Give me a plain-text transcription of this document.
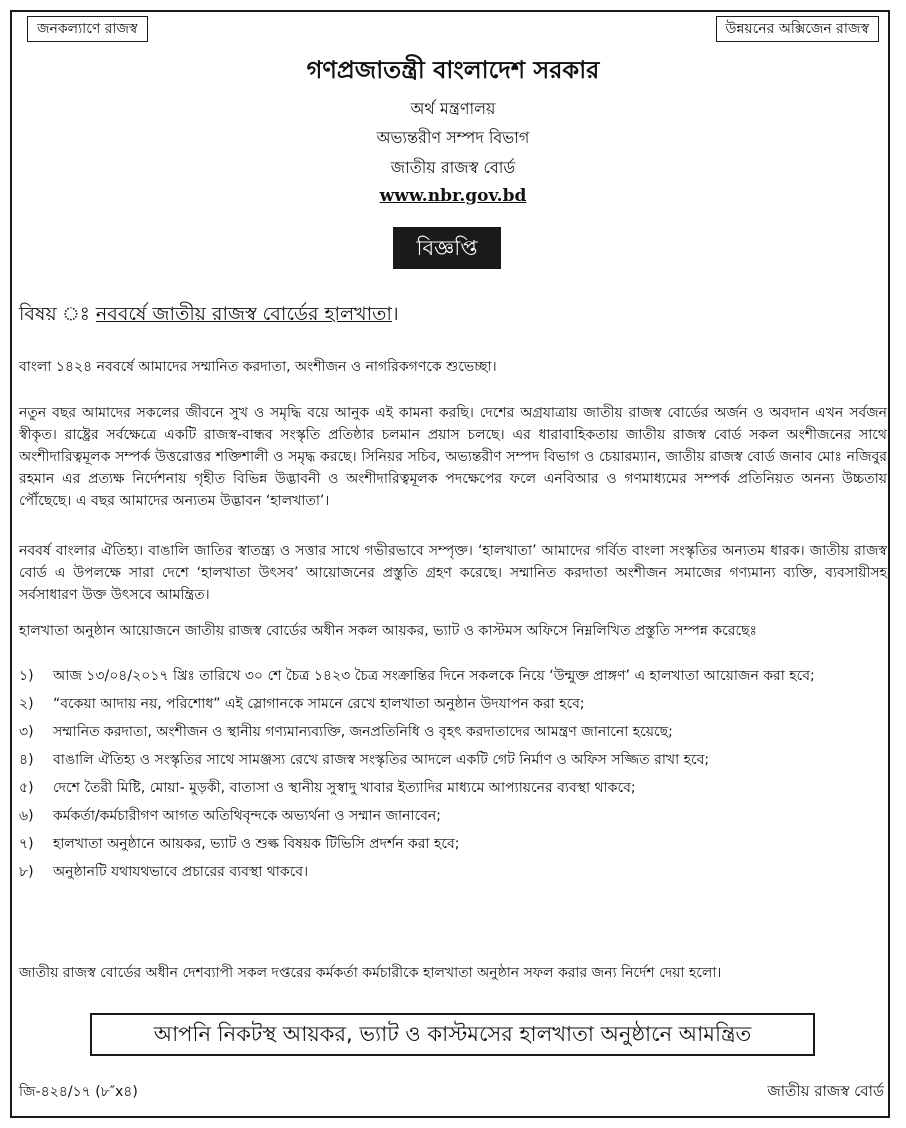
জনকল্যাণে রাজস্ব	উন্নয়নের অক্সিজেন রাজস্ব
গণপ্রজাতন্ত্রী বাংলাদেশ সরকার
অর্থ মন্ত্রণালয়
অভ্যন্তরীণ সম্পদ বিভাগ
জাতীয় রাজস্ব বোর্ড
www.nbr.gov.bd
বিজ্ঞপ্তি
বিষয় ঃ নববর্ষে জাতীয় রাজস্ব বোর্ডের হালখাতা।
বাংলা ১৪২৪ নববর্ষে আমাদের সম্মানিত করদাতা, অংশীজন ও নাগরিকগণকে শুভেচ্ছা।
নতুন বছর আমাদের সকলের জীবনে সুখ ও সমৃদ্ধি বয়ে আনুক এই কামনা করছি। দেশের অগ্রযাত্রায় জাতীয় রাজস্ব বোর্ডের অর্জন ও অবদান এখন সর্বজন স্বীকৃত। রাষ্ট্রের সর্বক্ষেত্রে একটি রাজস্ব-বান্ধব সংস্কৃতি প্রতিষ্ঠার চলমান প্রয়াস চলছে। এর ধারাবাহিকতায় জাতীয় রাজস্ব বোর্ড সকল অংশীজনের সাথে অংশীদারিত্বমূলক সম্পর্ক উত্তরোত্তর শক্তিশালী ও সমৃদ্ধ করছে। সিনিয়র সচিব, অভ্যন্তরীণ সম্পদ বিভাগ ও চেয়ারম্যান, জাতীয় রাজস্ব বোর্ড জনাব মোঃ নজিবুর রহমান এর প্রত্যক্ষ নির্দেশনায় গৃহীত বিভিন্ন উদ্ভাবনী ও অংশীদারিত্বমূলক পদক্ষেপের ফলে এনবিআর ও গণমাধ্যমের সম্পর্ক প্রতিনিয়ত অনন্য উচ্চতায় পৌঁছেছে। এ বছর আমাদের অন্যতম উদ্ভাবন ‘হালখাতা’।
নববর্ষ বাংলার ঐতিহ্য। বাঙালি জাতির স্বাতন্ত্র্য ও সত্তার সাথে গভীরভাবে সম্পৃক্ত। ‘হালখাতা’ আমাদের গর্বিত বাংলা সংস্কৃতির অন্যতম ধারক। জাতীয় রাজস্ব বোর্ড এ উপলক্ষে সারা দেশে ‘হালখাতা উৎসব’ আয়োজনের প্রস্তুতি গ্রহণ করেছে। সম্মানিত করদাতা অংশীজন সমাজের গণ্যমান্য ব্যক্তি, ব্যবসায়ীসহ সর্বসাধারণ উক্ত উৎসবে আমন্ত্রিত।
হালখাতা অনুষ্ঠান আয়োজনে জাতীয় রাজস্ব বোর্ডের অধীন সকল আয়কর, ভ্যাট ও কাস্টমস অফিসে নিম্নলিখিত প্রস্তুতি সম্পন্ন করেছেঃ
১) আজ ১৩/০৪/২০১৭ খ্রিঃ তারিখে ৩০ শে চৈত্র ১৪২৩ চৈত্র সংক্রান্তির দিনে সকলকে নিয়ে ‘উন্মুক্ত প্রাঙ্গণ’ এ হালখাতা আয়োজন করা হবে;
২) “বকেয়া আদায় নয়, পরিশোধ” এই স্লোগানকে সামনে রেখে হালখাতা অনুষ্ঠান উদযাপন করা হবে;
৩) সম্মানিত করদাতা, অংশীজন ও স্থানীয় গণ্যমান্যব্যক্তি, জনপ্রতিনিধি ও বৃহৎ করদাতাদের আমন্ত্রণ জানানো হয়েছে;
৪) বাঙালি ঐতিহ্য ও সংস্কৃতির সাথে সামঞ্জস্য রেখে রাজস্ব সংস্কৃতির আদলে একটি গেট নির্মাণ ও অফিস সজ্জিত রাখা হবে;
৫) দেশে তৈরী মিষ্টি, মোয়া- মুড়কী, বাতাসা ও স্থানীয় সুস্বাদু খাবার ইত্যাদির মাধ্যমে আপ্যায়নের ব্যবস্থা থাকবে;
৬) কর্মকর্তা/কর্মচারীগণ আগত অতিথিবৃন্দকে অভ্যর্থনা ও সম্মান জানাবেন;
৭) হালখাতা অনুষ্ঠানে আয়কর, ভ্যাট ও শুল্ক বিষয়ক টিভিসি প্রদর্শন করা হবে;
৮) অনুষ্ঠানটি যথাযথভাবে প্রচারের ব্যবস্থা থাকবে।
জাতীয় রাজস্ব বোর্ডের অধীন দেশব্যাপী সকল দপ্তরের কর্মকর্তা কর্মচারীকে হালখাতা অনুষ্ঠান সফল করার জন্য নির্দেশ দেয়া হলো।
আপনি নিকটস্থ আয়কর, ভ্যাট ও কাস্টমসের হালখাতা অনুষ্ঠানে আমন্ত্রিত
জি-৪২৪/১৭ (৮″x৪)	জাতীয় রাজস্ব বোর্ড
